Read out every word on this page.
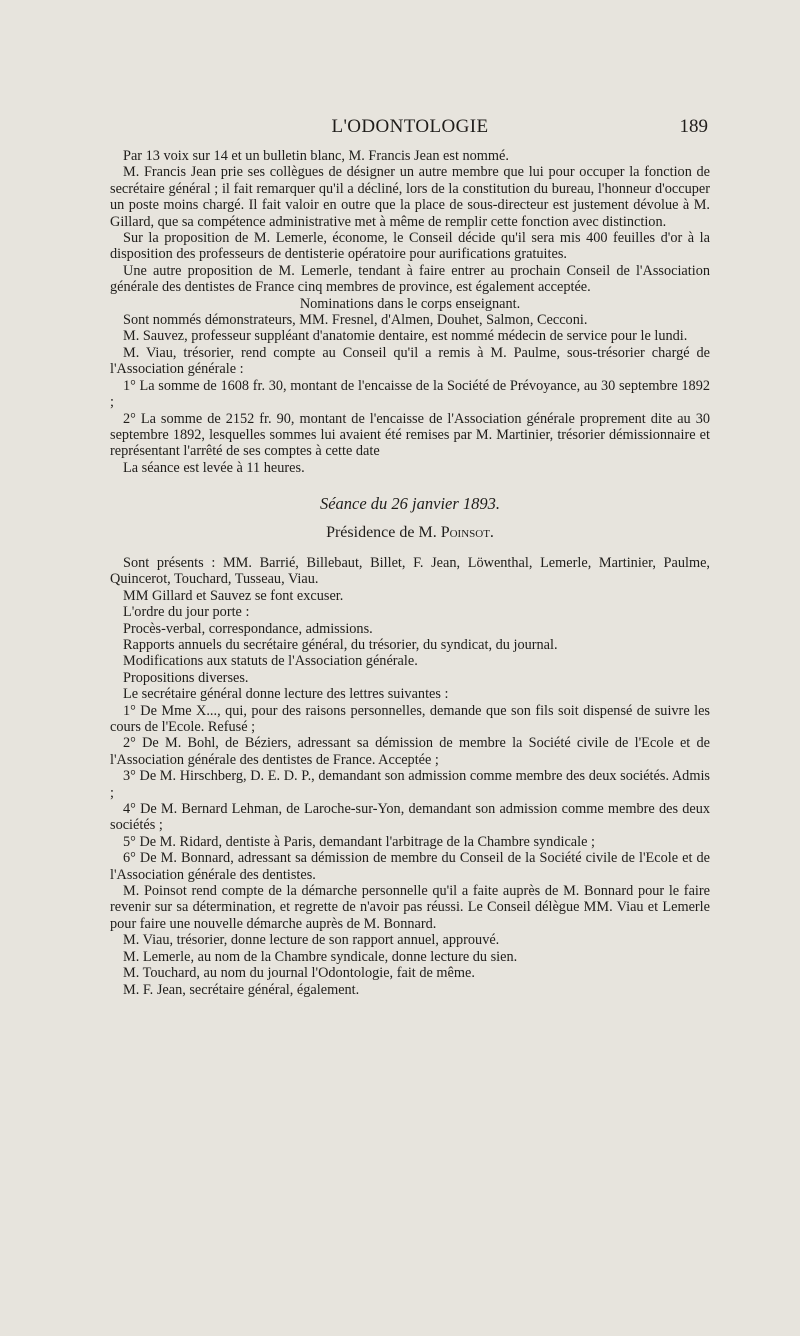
L'ODONTOLOGIE	189

Par 13 voix sur 14 et un bulletin blanc, M. Francis Jean est nommé.

M. Francis Jean prie ses collègues de désigner un autre membre que lui pour occuper la fonction de secrétaire général ; il fait remarquer qu'il a décliné, lors de la constitution du bureau, l'honneur d'occuper un poste moins chargé. Il fait valoir en outre que la place de sous-directeur est justement dévolue à M. Gillard, que sa compétence administrative met à même de remplir cette fonction avec distinction.

Sur la proposition de M. Lemerle, économe, le Conseil décide qu'il sera mis 400 feuilles d'or à la disposition des professeurs de dentisterie opératoire pour aurifications gratuites.

Une autre proposition de M. Lemerle, tendant à faire entrer au prochain Conseil de l'Association générale des dentistes de France cinq membres de province, est également acceptée.

Nominations dans le corps enseignant.

Sont nommés démonstrateurs, MM. Fresnel, d'Almen, Douhet, Salmon, Cecconi.

M. Sauvez, professeur suppléant d'anatomie dentaire, est nommé médecin de service pour le lundi.

M. Viau, trésorier, rend compte au Conseil qu'il a remis à M. Paulme, sous-trésorier chargé de l'Association générale :

1° La somme de 1608 fr. 30, montant de l'encaisse de la Société de Prévoyance, au 30 septembre 1892 ;

2° La somme de 2152 fr. 90, montant de l'encaisse de l'Association générale proprement dite au 30 septembre 1892, lesquelles sommes lui avaient été remises par M. Martinier, trésorier démissionnaire et représentant l'arrêté de ses comptes à cette date

La séance est levée à 11 heures.

Séance du 26 janvier 1893.
Présidence de M. Poinsot.

Sont présents : MM. Barrié, Billebaut, Billet, F. Jean, Löwenthal, Lemerle, Martinier, Paulme, Quincerot, Touchard, Tusseau, Viau.

MM Gillard et Sauvez se font excuser.

L'ordre du jour porte :

Procès-verbal, correspondance, admissions.

Rapports annuels du secrétaire général, du trésorier, du syndicat, du journal.

Modifications aux statuts de l'Association générale.

Propositions diverses.

Le secrétaire général donne lecture des lettres suivantes :

1° De Mme X..., qui, pour des raisons personnelles, demande que son fils soit dispensé de suivre les cours de l'Ecole. Refusé ;

2° De M. Bohl, de Béziers, adressant sa démission de membre la Société civile de l'Ecole et de l'Association générale des dentistes de France. Acceptée ;

3° De M. Hirschberg, D. E. D. P., demandant son admission comme membre des deux sociétés. Admis ;

4° De M. Bernard Lehman, de Laroche-sur-Yon, demandant son admission comme membre des deux sociétés ;

5° De M. Ridard, dentiste à Paris, demandant l'arbitrage de la Chambre syndicale ;

6° De M. Bonnard, adressant sa démission de membre du Conseil de la Société civile de l'Ecole et de l'Association générale des dentistes.

M. Poinsot rend compte de la démarche personnelle qu'il a faite auprès de M. Bonnard pour le faire revenir sur sa détermination, et regrette de n'avoir pas réussi. Le Conseil délègue MM. Viau et Lemerle pour faire une nouvelle démarche auprès de M. Bonnard.

M. Viau, trésorier, donne lecture de son rapport annuel, approuvé.

M. Lemerle, au nom de la Chambre syndicale, donne lecture du sien.

M. Touchard, au nom du journal l'Odontologie, fait de même.

M. F. Jean, secrétaire général, également.
